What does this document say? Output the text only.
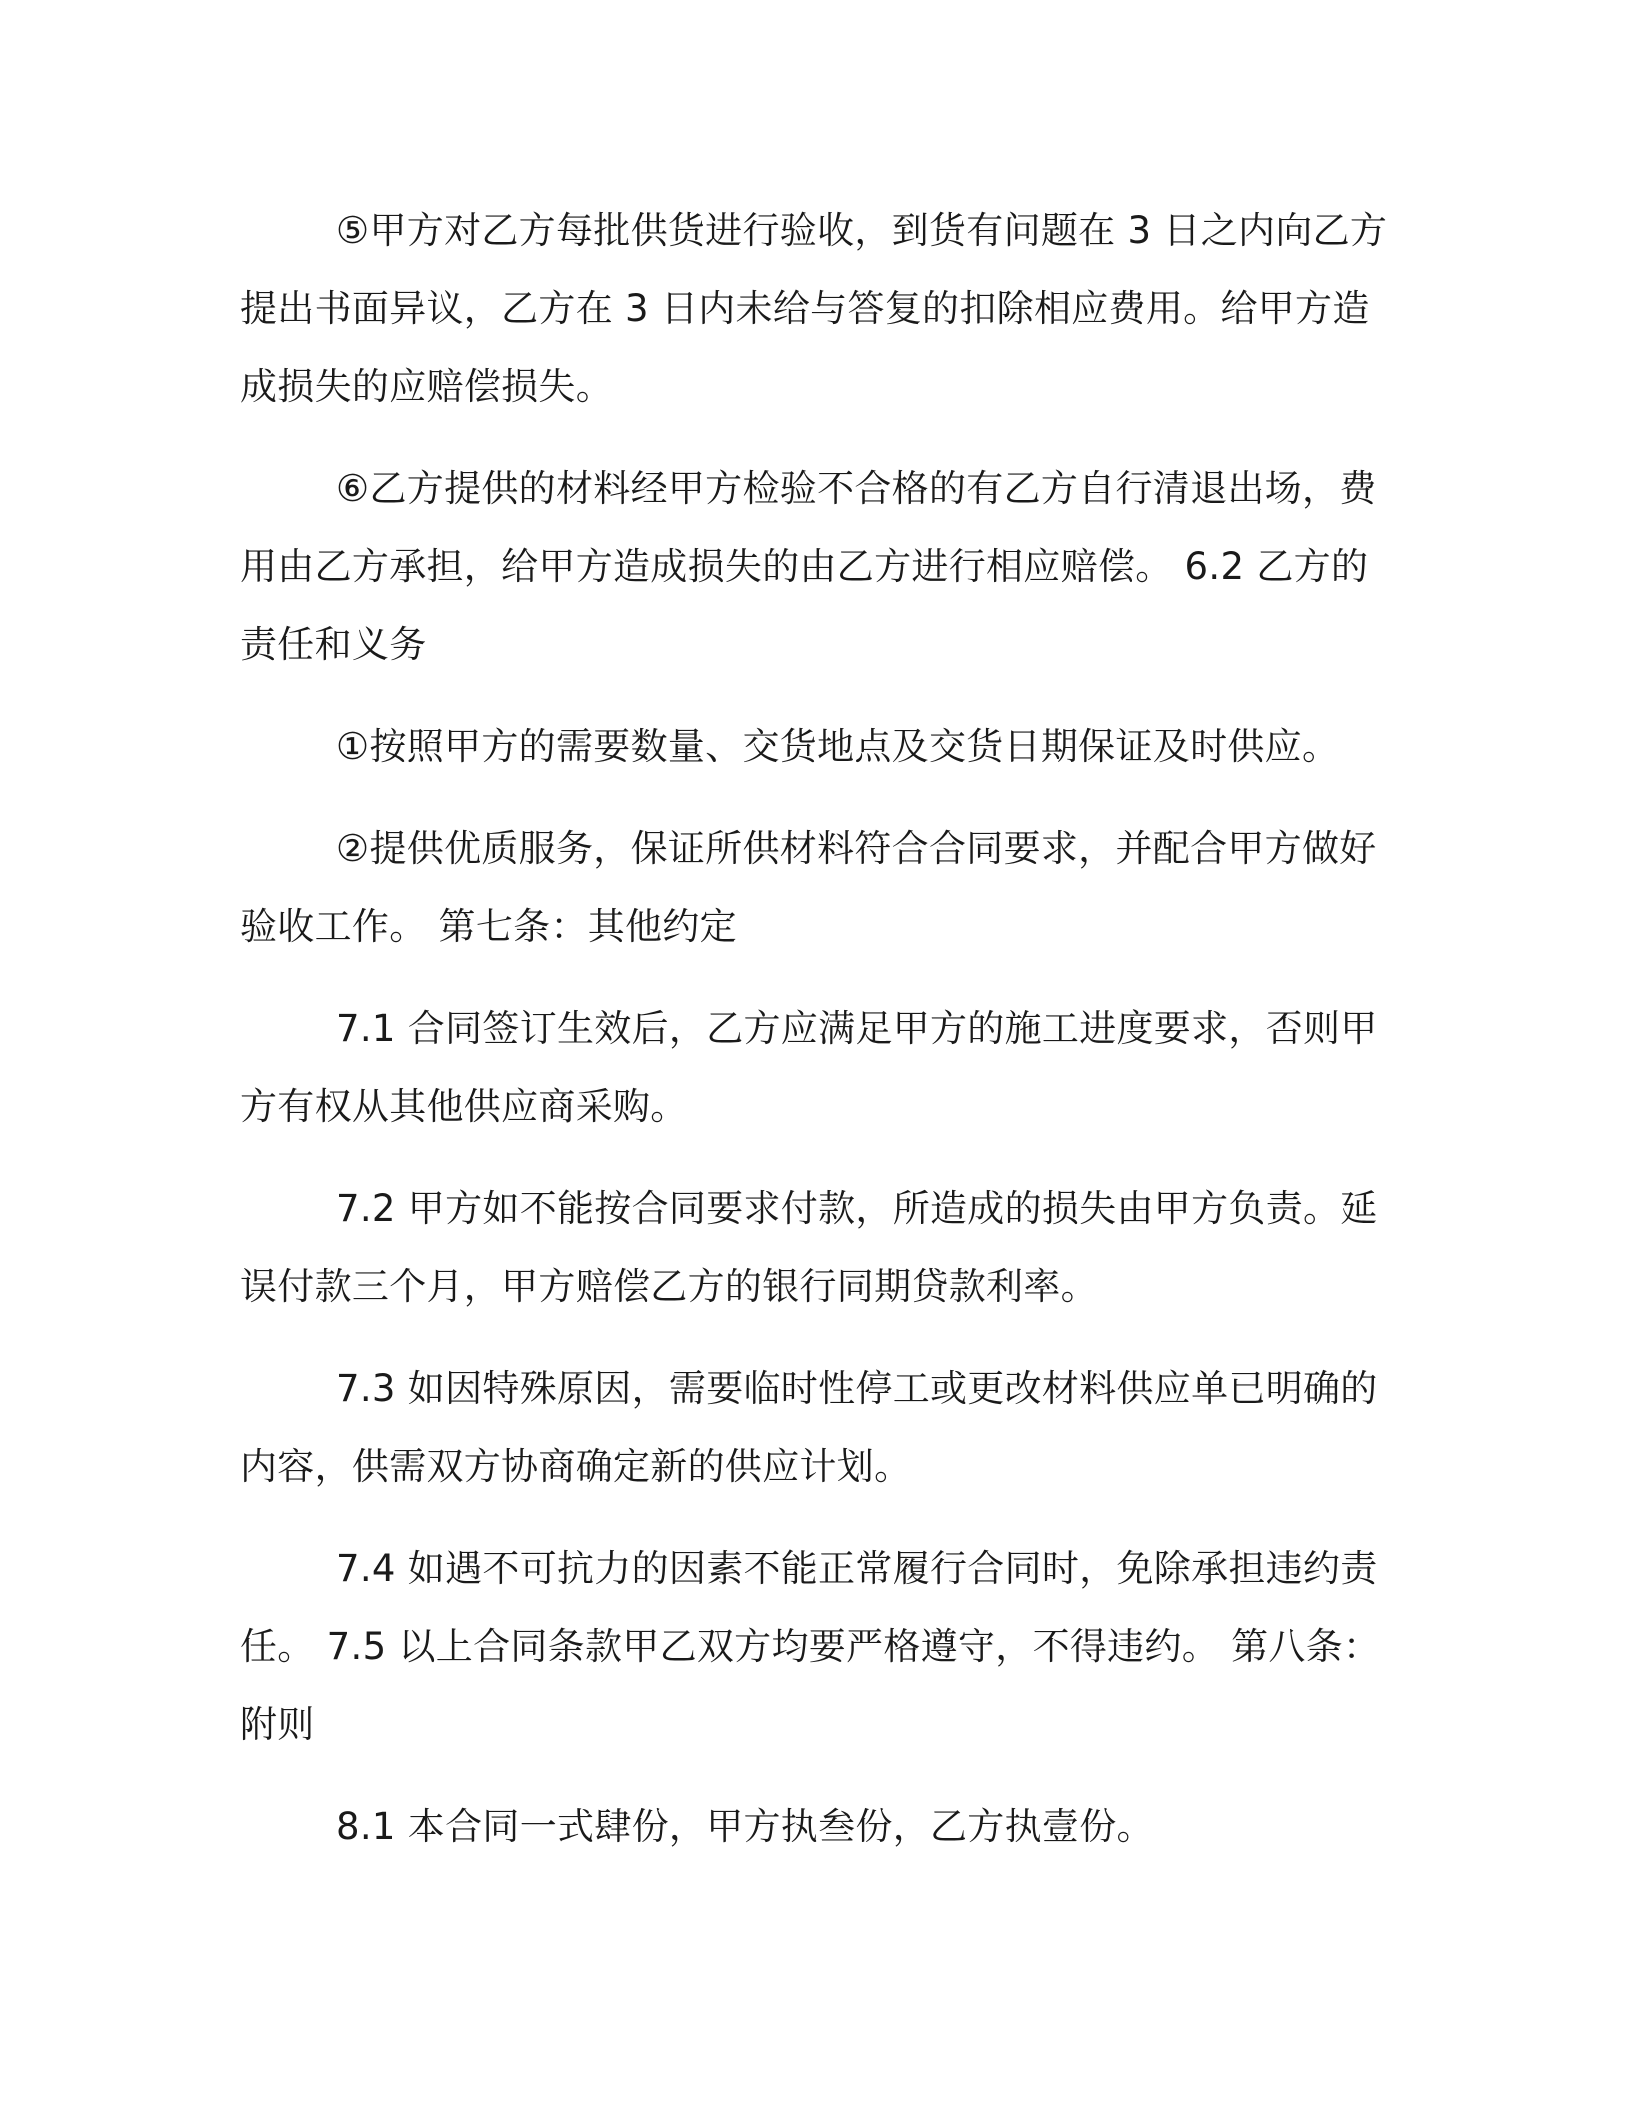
⑤甲方对乙方每批供货进行验收，到货有问题在 3 日之内向乙方提出书面异议，乙方在 3 日内未给与答复的扣除相应费用。给甲方造成损失的应赔偿损失。

⑥乙方提供的材料经甲方检验不合格的有乙方自行清退出场，费用由乙方承担，给甲方造成损失的由乙方进行相应赔偿。 6.2 乙方的责任和义务

①按照甲方的需要数量、交货地点及交货日期保证及时供应。

②提供优质服务，保证所供材料符合合同要求，并配合甲方做好验收工作。 第七条：其他约定

7.1 合同签订生效后，乙方应满足甲方的施工进度要求，否则甲方有权从其他供应商采购。

7.2 甲方如不能按合同要求付款，所造成的损失由甲方负责。延误付款三个月，甲方赔偿乙方的银行同期贷款利率。

7.3 如因特殊原因，需要临时性停工或更改材料供应单已明确的内容，供需双方协商确定新的供应计划。

7.4 如遇不可抗力的因素不能正常履行合同时，免除承担违约责任。 7.5 以上合同条款甲乙双方均要严格遵守，不得违约。 第八条：附则

8.1 本合同一式肆份，甲方执叁份，乙方执壹份。
